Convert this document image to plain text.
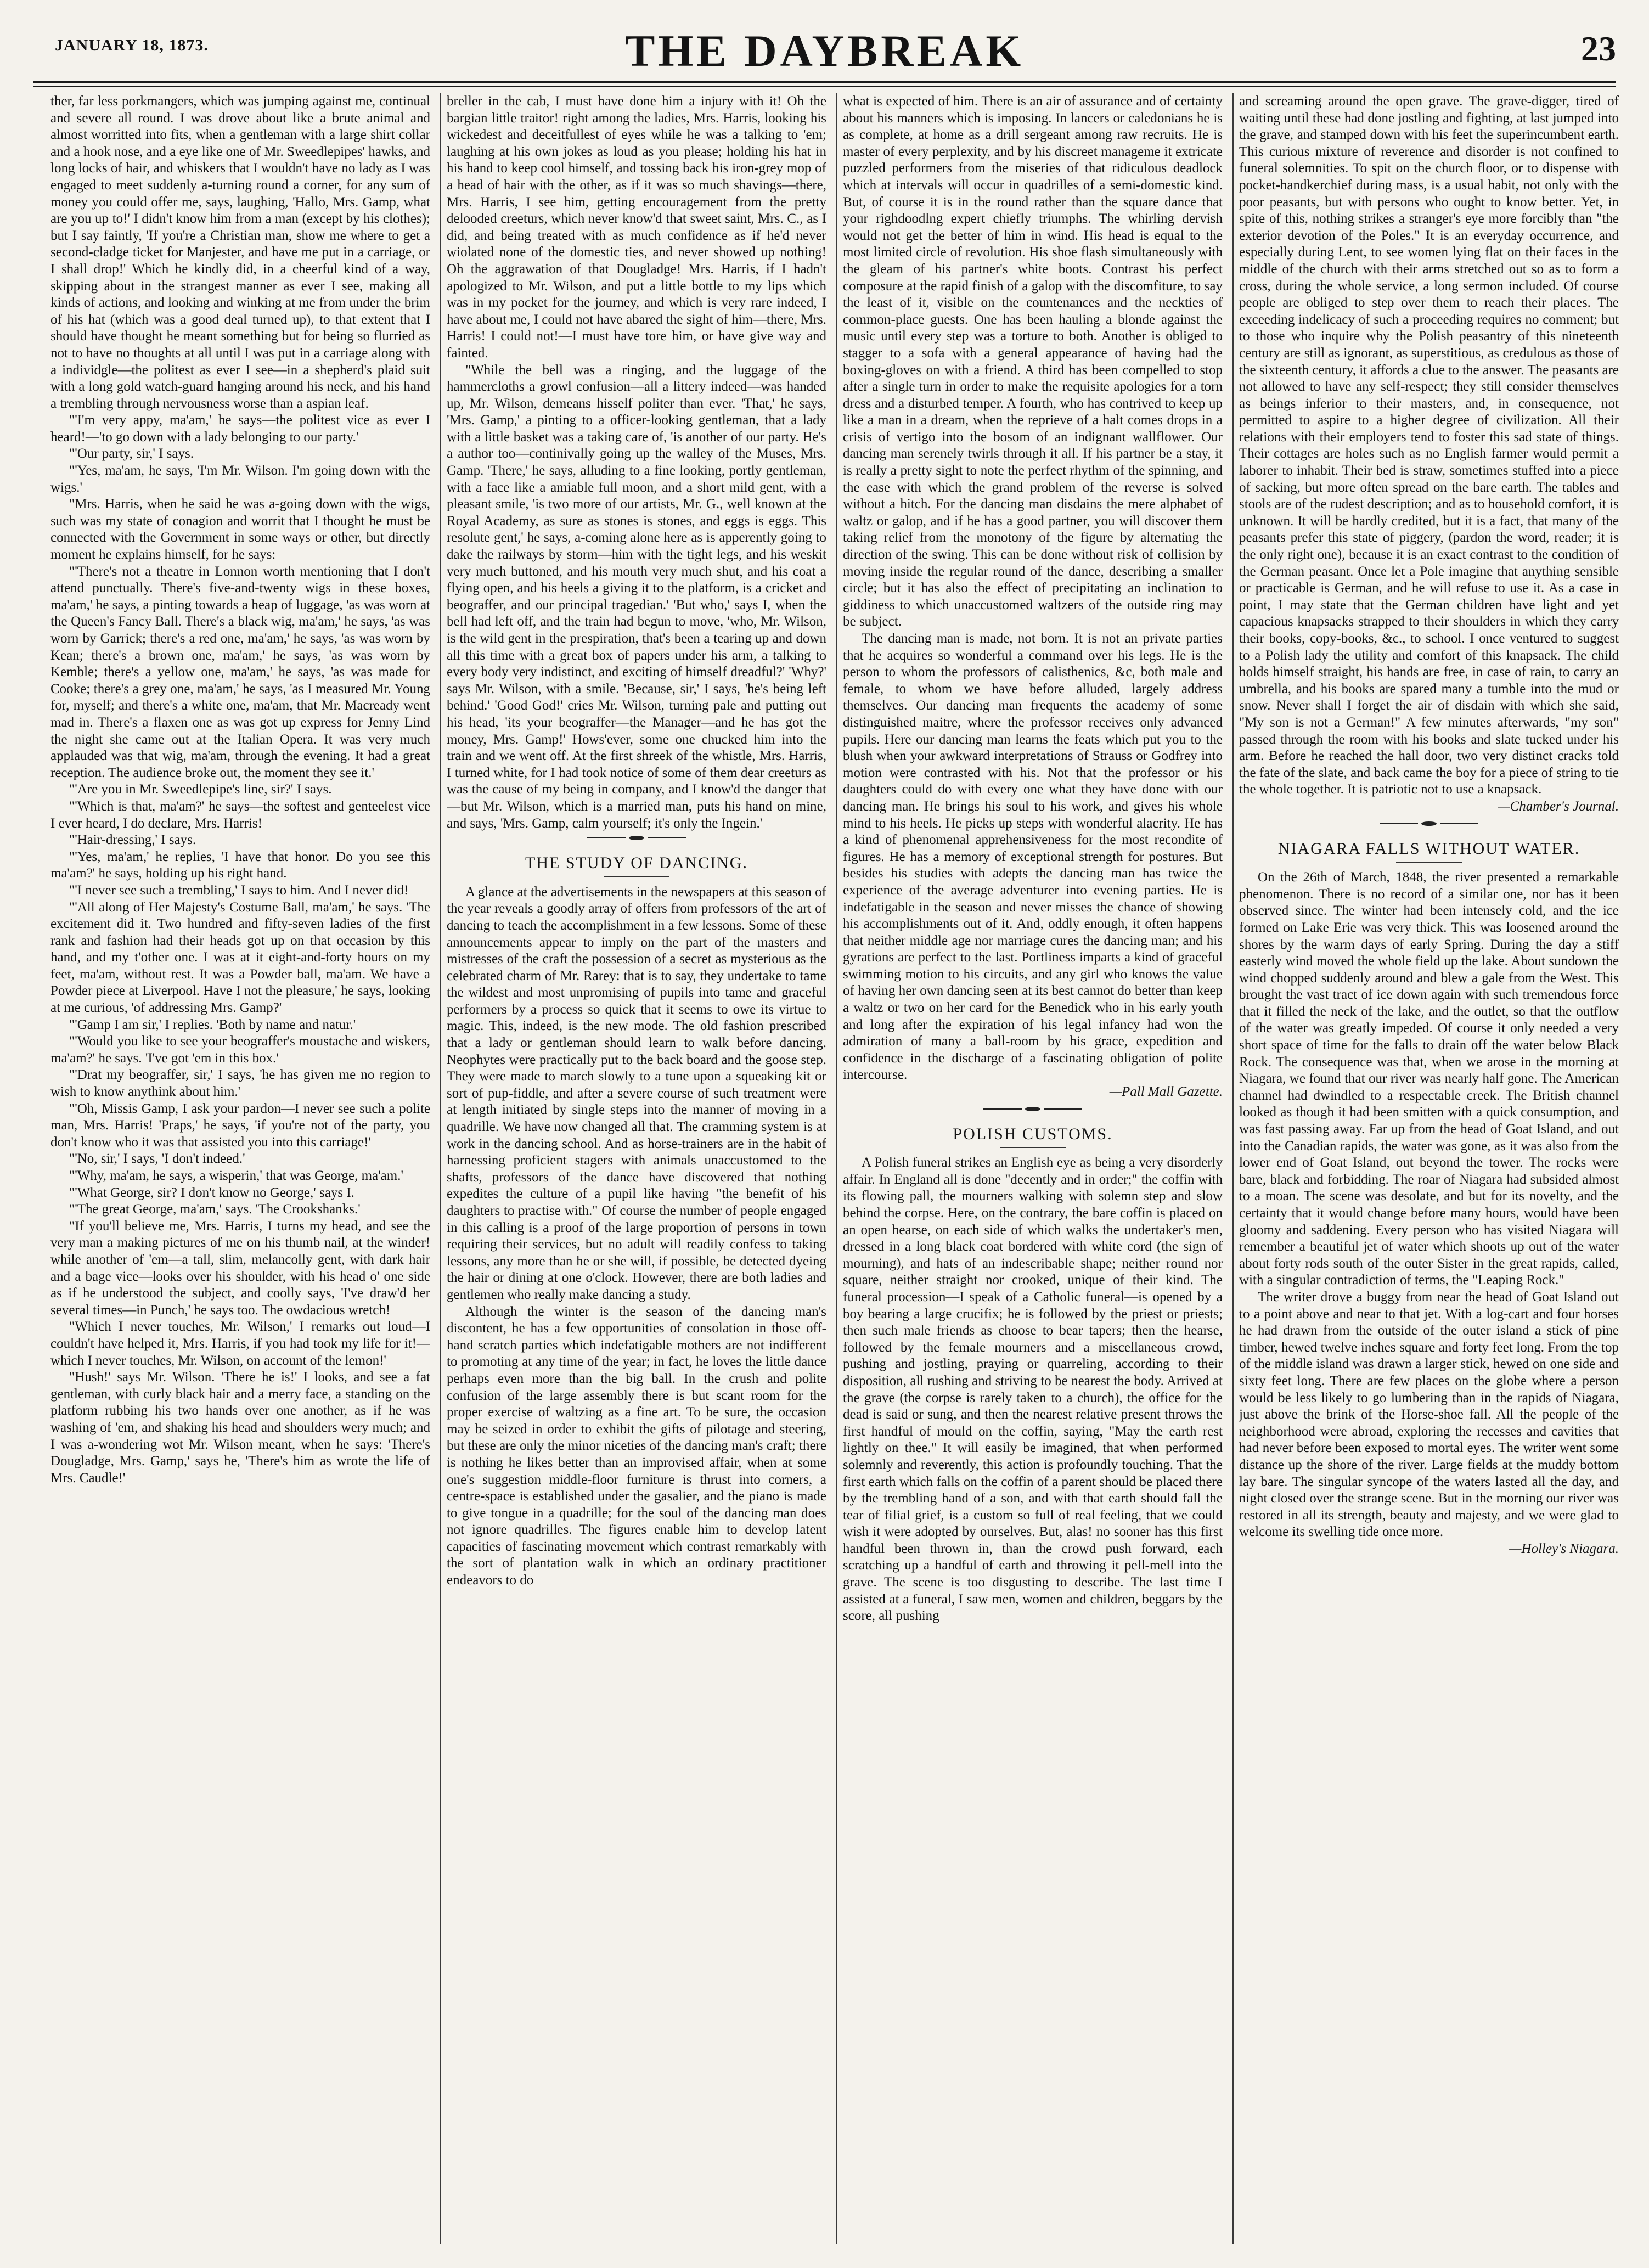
JANUARY 18, 1873.	THE DAYBREAK	23

ther, far less porkmangers, which was jumping against me, continual and severe all round. I was drove about like a brute animal and almost worritted into fits, when a gentleman with a large shirt collar and a hook nose, and a eye like one of Mr. Sweedlepipes' hawks, and long locks of hair, and whiskers that I wouldn't have no lady as I was engaged to meet suddenly a-turning round a corner, for any sum of money you could offer me, says, laughing, 'Hallo, Mrs. Gamp, what are you up to!' I didn't know him from a man (except by his clothes); but I say faintly, 'If you're a Christian man, show me where to get a second-cladge ticket for Manjester, and have me put in a carriage, or I shall drop!' Which he kindly did, in a cheerful kind of a way, skipping about in the strangest manner as ever I see, making all kinds of actions, and looking and winking at me from under the brim of his hat (which was a good deal turned up), to that extent that I should have thought he meant something but for being so flurried as not to have no thoughts at all until I was put in a carriage along with a individgle—the politest as ever I see—in a shepherd's plaid suit with a long gold watch-guard hanging around his neck, and his hand a trembling through nervousness worse than a aspian leaf.

"'I'm very appy, ma'am,' he says—the politest vice as ever I heard!—'to go down with a lady belonging to our party.'

"'Our party, sir,' I says.

"'Yes, ma'am, he says, 'I'm Mr. Wilson. I'm going down with the wigs.'

"Mrs. Harris, when he said he was a-going down with the wigs, such was my state of conagion and worrit that I thought he must be connected with the Government in some ways or other, but directly moment he explains himself, for he says:

"'There's not a theatre in Lonnon worth mentioning that I don't attend punctually. There's five-and-twenty wigs in these boxes, ma'am,' he says, a pinting towards a heap of luggage, 'as was worn at the Queen's Fancy Ball. There's a black wig, ma'am,' he says, 'as was worn by Garrick; there's a red one, ma'am,' he says, 'as was worn by Kean; there's a brown one, ma'am,' he says, 'as was worn by Kemble; there's a yellow one, ma'am,' he says, 'as was made for Cooke; there's a grey one, ma'am,' he says, 'as I measured Mr. Young for, myself; and there's a white one, ma'am, that Mr. Macready went mad in. There's a flaxen one as was got up express for Jenny Lind the night she came out at the Italian Opera. It was very much applauded was that wig, ma'am, through the evening. It had a great reception. The audience broke out, the moment they see it.'

"'Are you in Mr. Sweedlepipe's line, sir?' I says.

"'Which is that, ma'am?' he says—the softest and genteelest vice I ever heard, I do declare, Mrs. Harris!

"'Hair-dressing,' I says.

"'Yes, ma'am,' he replies, 'I have that honor. Do you see this ma'am?' he says, holding up his right hand.

"'I never see such a trembling,' I says to him. And I never did!

"'All along of Her Majesty's Costume Ball, ma'am,' he says. 'The excitement did it. Two hundred and fifty-seven ladies of the first rank and fashion had their heads got up on that occasion by this hand, and my t'other one. I was at it eight-and-forty hours on my feet, ma'am, without rest. It was a Powder ball, ma'am. We have a Powder piece at Liverpool. Have I not the pleasure,' he says, looking at me curious, 'of addressing Mrs. Gamp?'

"'Gamp I am sir,' I replies. 'Both by name and natur.'

"'Would you like to see your beograffer's moustache and wiskers, ma'am?' he says. 'I've got 'em in this box.'

"'Drat my beograffer, sir,' I says, 'he has given me no region to wish to know anythink about him.'

"'Oh, Missis Gamp, I ask your pardon—I never see such a polite man, Mrs. Harris! 'Praps,' he says, 'if you're not of the party, you don't know who it was that assisted you into this carriage!'

"'No, sir,' I says, 'I don't indeed.'

"'Why, ma'am, he says, a wisperin,' that was George, ma'am.'

"'What George, sir? I don't know no George,' says I.

"'The great George, ma'am,' says. 'The Crookshanks.'

"If you'll believe me, Mrs. Harris, I turns my head, and see the very man a making pictures of me on his thumb nail, at the winder! while another of 'em—a tall, slim, melancolly gent, with dark hair and a bage vice—looks over his shoulder, with his head o' one side as if he understood the subject, and coolly says, 'I've draw'd her several times—in Punch,' he says too. The owdacious wretch!

"Which I never touches, Mr. Wilson,' I remarks out loud—I couldn't have helped it, Mrs. Harris, if you had took my life for it!—which I never touches, Mr. Wilson, on account of the lemon!'

"Hush!' says Mr. Wilson. 'There he is!' I looks, and see a fat gentleman, with curly black hair and a merry face, a standing on the platform rubbing his two hands over one another, as if he was washing of 'em, and shaking his head and shoulders wery much; and I was a-wondering wot Mr. Wilson meant, when he says: 'There's Dougladge, Mrs. Gamp,' says he, 'There's him as wrote the life of Mrs. Caudle!'

breller in the cab, I must have done him a injury with it! Oh the bargian little traitor! right among the ladies, Mrs. Harris, looking his wickedest and deceitfullest of eyes while he was a talking to 'em; laughing at his own jokes as loud as you please; holding his hat in his hand to keep cool himself, and tossing back his iron-grey mop of a head of hair with the other, as if it was so much shavings—there, Mrs. Harris, I see him, getting encouragement from the pretty delooded creeturs, which never know'd that sweet saint, Mrs. C., as I did, and being treated with as much confidence as if he'd never wiolated none of the domestic ties, and never showed up nothing! Oh the aggrawation of that Dougladge! Mrs. Harris, if I hadn't apologized to Mr. Wilson, and put a little bottle to my lips which was in my pocket for the journey, and which is very rare indeed, I have about me, I could not have abared the sight of him—there, Mrs. Harris! I could not!—I must have tore him, or have give way and fainted.

"While the bell was a ringing, and the luggage of the hammercloths a growl confusion—all a littery indeed—was handed up, Mr. Wilson, demeans hisself politer than ever. 'That,' he says, 'Mrs. Gamp,' a pinting to a officer-looking gentleman, that a lady with a little basket was a taking care of, 'is another of our party. He's a author too—continivally going up the walley of the Muses, Mrs. Gamp. 'There,' he says, alluding to a fine looking, portly gentleman, with a face like a amiable full moon, and a short mild gent, with a pleasant smile, 'is two more of our artists, Mr. G., well known at the Royal Academy, as sure as stones is stones, and eggs is eggs. This resolute gent,' he says, a-coming alone here as is apperently going to dake the railways by storm—him with the tight legs, and his weskit very much buttoned, and his mouth very much shut, and his coat a flying open, and his heels a giving it to the platform, is a cricket and beograffer, and our principal tragedian.' 'But who,' says I, when the bell had left off, and the train had begun to move, 'who, Mr. Wilson, is the wild gent in the prespiration, that's been a tearing up and down all this time with a great box of papers under his arm, a talking to every body very indistinct, and exciting of himself dreadful?' 'Why?' says Mr. Wilson, with a smile. 'Because, sir,' I says, 'he's being left behind.' 'Good God!' cries Mr. Wilson, turning pale and putting out his head, 'its your beograffer—the Manager—and he has got the money, Mrs. Gamp!' Hows'ever, some one chucked him into the train and we went off. At the first shreek of the whistle, Mrs. Harris, I turned white, for I had took notice of some of them dear creeturs as was the cause of my being in company, and I know'd the danger that—but Mr. Wilson, which is a married man, puts his hand on mine, and says, 'Mrs. Gamp, calm yourself; it's only the Ingein.'

THE STUDY OF DANCING.

A glance at the advertisements in the newspapers at this season of the year reveals a goodly array of offers from professors of the art of dancing to teach the accomplishment in a few lessons. Some of these announcements appear to imply on the part of the masters and mistresses of the craft the possession of a secret as mysterious as the celebrated charm of Mr. Rarey: that is to say, they undertake to tame the wildest and most unpromising of pupils into tame and graceful performers by a process so quick that it seems to owe its virtue to magic. This, indeed, is the new mode. The old fashion prescribed that a lady or gentleman should learn to walk before dancing. Neophytes were practically put to the back board and the goose step. They were made to march slowly to a tune upon a squeaking kit or sort of pup-fiddle, and after a severe course of such treatment were at length initiated by single steps into the manner of moving in a quadrille. We have now changed all that. The cramming system is at work in the dancing school. And as horse-trainers are in the habit of harnessing proficient stagers with animals unaccustomed to the shafts, professors of the dance have discovered that nothing expedites the culture of a pupil like having "the benefit of his daughters to practise with." Of course the number of people engaged in this calling is a proof of the large proportion of persons in town requiring their services, but no adult will readily confess to taking lessons, any more than he or she will, if possible, be detected dyeing the hair or dining at one o'clock. However, there are both ladies and gentlemen who really make dancing a study.

Although the winter is the season of the dancing man's discontent, he has a few opportunities of consolation in those off-hand scratch parties which indefatigable mothers are not indifferent to promoting at any time of the year; in fact, he loves the little dance perhaps even more than the big ball. In the crush and polite confusion of the large assembly there is but scant room for the proper exercise of waltzing as a fine art. To be sure, the occasion may be seized in order to exhibit the gifts of pilotage and steering, but these are only the minor niceties of the dancing man's craft; there is nothing he likes better than an improvised affair, when at some one's suggestion middle-floor furniture is thrust into corners, a centre-space is established under the gasalier, and the piano is made to give tongue in a quadrille; for the soul of the dancing man does not ignore quadrilles. The figures enable him to develop latent capacities of fascinating movement which contrast remarkably with the sort of plantation walk in which an ordinary practitioner endeavors to do

what is expected of him. There is an air of assurance and of certainty about his manners which is imposing. In lancers or caledonians he is as complete, at home as a drill sergeant among raw recruits. He is master of every perplexity, and by his discreet manageme it extricate puzzled performers from the miseries of that ridiculous deadlock which at intervals will occur in quadrilles of a semi-domestic kind. But, of course it is in the round rather than the square dance that your righdoodlng expert chiefly triumphs. The whirling dervish would not get the better of him in wind. His head is equal to the most limited circle of revolution. His shoe flash simultaneously with the gleam of his partner's white boots. Contrast his perfect composure at the rapid finish of a galop with the discomfiture, to say the least of it, visible on the countenances and the neckties of common-place guests. One has been hauling a blonde against the music until every step was a torture to both. Another is obliged to stagger to a sofa with a general appearance of having had the boxing-gloves on with a friend. A third has been compelled to stop after a single turn in order to make the requisite apologies for a torn dress and a disturbed temper. A fourth, who has contrived to keep up like a man in a dream, when the reprieve of a halt comes drops in a crisis of vertigo into the bosom of an indignant wallflower. Our dancing man serenely twirls through it all. If his partner be a stay, it is really a pretty sight to note the perfect rhythm of the spinning, and the ease with which the grand problem of the reverse is solved without a hitch. For the dancing man disdains the mere alphabet of waltz or galop, and if he has a good partner, you will discover them taking relief from the monotony of the figure by alternating the direction of the swing. This can be done without risk of collision by moving inside the regular round of the dance, describing a smaller circle; but it has also the effect of precipitating an inclination to giddiness to which unaccustomed waltzers of the outside ring may be subject.

The dancing man is made, not born. It is not an private parties that he acquires so wonderful a command over his legs. He is the person to whom the professors of calisthenics, &c, both male and female, to whom we have before alluded, largely address themselves. Our dancing man frequents the academy of some distinguished maitre, where the professor receives only advanced pupils. Here our dancing man learns the feats which put you to the blush when your awkward interpretations of Strauss or Godfrey into motion were contrasted with his. Not that the professor or his daughters could do with every one what they have done with our dancing man. He brings his soul to his work, and gives his whole mind to his heels. He picks up steps with wonderful alacrity. He has a kind of phenomenal apprehensiveness for the most recondite of figures. He has a memory of exceptional strength for postures. But besides his studies with adepts the dancing man has twice the experience of the average adventurer into evening parties. He is indefatigable in the season and never misses the chance of showing his accomplishments out of it. And, oddly enough, it often happens that neither middle age nor marriage cures the dancing man; and his gyrations are perfect to the last. Portliness imparts a kind of graceful swimming motion to his circuits, and any girl who knows the value of having her own dancing seen at its best cannot do better than keep a waltz or two on her card for the Benedick who in his early youth and long after the expiration of his legal infancy had won the admiration of many a ball-room by his grace, expedition and confidence in the discharge of a fascinating obligation of polite intercourse.

—Pall Mall Gazette.

POLISH CUSTOMS.

A Polish funeral strikes an English eye as being a very disorderly affair. In England all is done "decently and in order;" the coffin with its flowing pall, the mourners walking with solemn step and slow behind the corpse. Here, on the contrary, the bare coffin is placed on an open hearse, on each side of which walks the undertaker's men, dressed in a long black coat bordered with white cord (the sign of mourning), and hats of an indescribable shape; neither round nor square, neither straight nor crooked, unique of their kind. The funeral procession—I speak of a Catholic funeral—is opened by a boy bearing a large crucifix; he is followed by the priest or priests; then such male friends as choose to bear tapers; then the hearse, followed by the female mourners and a miscellaneous crowd, pushing and jostling, praying or quarreling, according to their disposition, all rushing and striving to be nearest the body. Arrived at the grave (the corpse is rarely taken to a church), the office for the dead is said or sung, and then the nearest relative present throws the first handful of mould on the coffin, saying, "May the earth rest lightly on thee." It will easily be imagined, that when performed solemnly and reverently, this action is profoundly touching. That the first earth which falls on the coffin of a parent should be placed there by the trembling hand of a son, and with that earth should fall the tear of filial grief, is a custom so full of real feeling, that we could wish it were adopted by ourselves. But, alas! no sooner has this first handful been thrown in, than the crowd push forward, each scratching up a handful of earth and throwing it pell-mell into the grave. The scene is too disgusting to describe. The last time I assisted at a funeral, I saw men, women and children, beggars by the score, all pushing

and screaming around the open grave. The grave-digger, tired of waiting until these had done jostling and fighting, at last jumped into the grave, and stamped down with his feet the superincumbent earth. This curious mixture of reverence and disorder is not confined to funeral solemnities. To spit on the church floor, or to dispense with pocket-handkerchief during mass, is a usual habit, not only with the poor peasants, but with persons who ought to know better. Yet, in spite of this, nothing strikes a stranger's eye more forcibly than "the exterior devotion of the Poles." It is an everyday occurrence, and especially during Lent, to see women lying flat on their faces in the middle of the church with their arms stretched out so as to form a cross, during the whole service, a long sermon included. Of course people are obliged to step over them to reach their places. The exceeding indelicacy of such a proceeding requires no comment; but to those who inquire why the Polish peasantry of this nineteenth century are still as ignorant, as superstitious, as credulous as those of the sixteenth century, it affords a clue to the answer. The peasants are not allowed to have any self-respect; they still consider themselves as beings inferior to their masters, and, in consequence, not permitted to aspire to a higher degree of civilization. All their relations with their employers tend to foster this sad state of things. Their cottages are holes such as no English farmer would permit a laborer to inhabit. Their bed is straw, sometimes stuffed into a piece of sacking, but more often spread on the bare earth. The tables and stools are of the rudest description; and as to household comfort, it is unknown. It will be hardly credited, but it is a fact, that many of the peasants prefer this state of piggery, (pardon the word, reader; it is the only right one), because it is an exact contrast to the condition of the German peasant. Once let a Pole imagine that anything sensible or practicable is German, and he will refuse to use it. As a case in point, I may state that the German children have light and yet capacious knapsacks strapped to their shoulders in which they carry their books, copy-books, &c., to school. I once ventured to suggest to a Polish lady the utility and comfort of this knapsack. The child holds himself straight, his hands are free, in case of rain, to carry an umbrella, and his books are spared many a tumble into the mud or snow. Never shall I forget the air of disdain with which she said, "My son is not a German!" A few minutes afterwards, "my son" passed through the room with his books and slate tucked under his arm. Before he reached the hall door, two very distinct cracks told the fate of the slate, and back came the boy for a piece of string to tie the whole together. It is patriotic not to use a knapsack.

—Chamber's Journal.

NIAGARA FALLS WITHOUT WATER.

On the 26th of March, 1848, the river presented a remarkable phenomenon. There is no record of a similar one, nor has it been observed since. The winter had been intensely cold, and the ice formed on Lake Erie was very thick. This was loosened around the shores by the warm days of early Spring. During the day a stiff easterly wind moved the whole field up the lake. About sundown the wind chopped suddenly around and blew a gale from the West. This brought the vast tract of ice down again with such tremendous force that it filled the neck of the lake, and the outlet, so that the outflow of the water was greatly impeded. Of course it only needed a very short space of time for the falls to drain off the water below Black Rock. The consequence was that, when we arose in the morning at Niagara, we found that our river was nearly half gone. The American channel had dwindled to a respectable creek. The British channel looked as though it had been smitten with a quick consumption, and was fast passing away. Far up from the head of Goat Island, and out into the Canadian rapids, the water was gone, as it was also from the lower end of Goat Island, out beyond the tower. The rocks were bare, black and forbidding. The roar of Niagara had subsided almost to a moan. The scene was desolate, and but for its novelty, and the certainty that it would change before many hours, would have been gloomy and saddening. Every person who has visited Niagara will remember a beautiful jet of water which shoots up out of the water about forty rods south of the outer Sister in the great rapids, called, with a singular contradiction of terms, the "Leaping Rock."

The writer drove a buggy from near the head of Goat Island out to a point above and near to that jet. With a log-cart and four horses he had drawn from the outside of the outer island a stick of pine timber, hewed twelve inches square and forty feet long. From the top of the middle island was drawn a larger stick, hewed on one side and sixty feet long. There are few places on the globe where a person would be less likely to go lumbering than in the rapids of Niagara, just above the brink of the Horse-shoe fall. All the people of the neighborhood were abroad, exploring the recesses and cavities that had never before been exposed to mortal eyes. The writer went some distance up the shore of the river. Large fields at the muddy bottom lay bare. The singular syncope of the waters lasted all the day, and night closed over the strange scene. But in the morning our river was restored in all its strength, beauty and majesty, and we were glad to welcome its swelling tide once more.

—Holley's Niagara.
